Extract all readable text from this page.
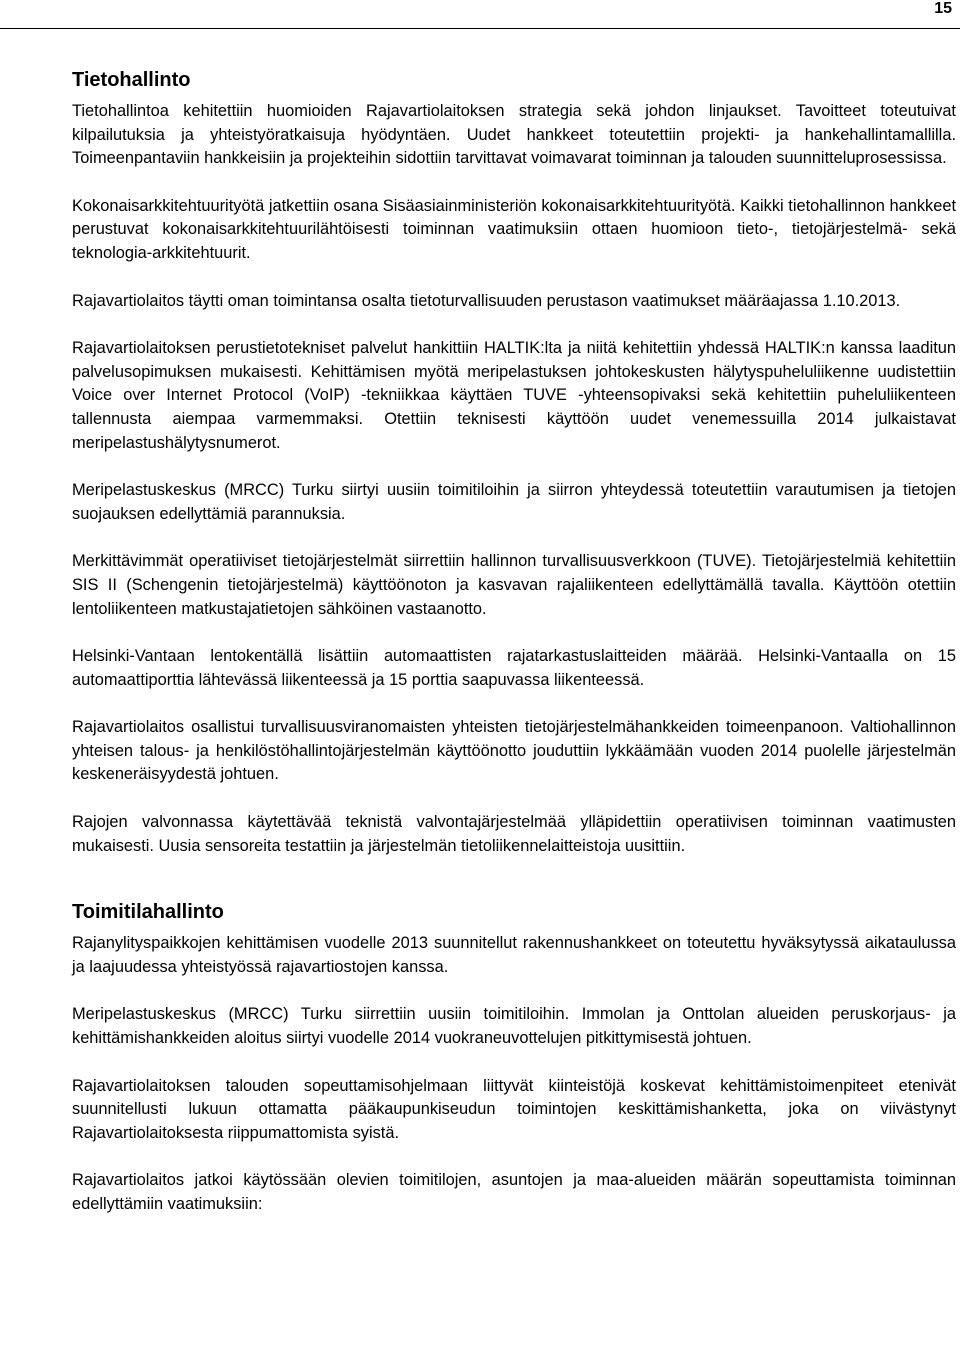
15
Tietohallinto

Tietohallintoa kehitettiin huomioiden Rajavartiolaitoksen strategia sekä johdon linjaukset. Tavoitteet toteutuivat kilpailutuksia ja yhteistyöratkaisuja hyödyntäen. Uudet hankkeet toteutettiin projekti- ja hankehallintamallilla. Toimeenpantaviin hankkeisiin ja projekteihin sidottiin tarvittavat voimavarat toiminnan ja talouden suunnitteluprosessissa.

Kokonaisarkkitehtuurityötä jatkettiin osana Sisäasiainministeriön kokonaisarkkitehtuurityötä. Kaikki tietohallinnon hankkeet perustuvat kokonaisarkkitehtuurilähtöisesti toiminnan vaatimuksiin ottaen huomioon tieto-, tietojärjestelmä- sekä teknologia-arkkitehtuurit.

Rajavartiolaitos täytti oman toimintansa osalta tietoturvallisuuden perustason vaatimukset määräajassa 1.10.2013.

Rajavartiolaitoksen perustietotekniset palvelut hankittiin HALTIK:lta ja niitä kehitettiin yhdessä HALTIK:n kanssa laaditun palvelusopimuksen mukaisesti. Kehittämisen myötä meripelastuksen johtokeskusten hälytyspuheluliikenne uudistettiin Voice over Internet Protocol (VoIP) -tekniikkaa käyttäen TUVE -yhteensopivaksi sekä kehitettiin puheluliikenteen tallennusta aiempaa varmemmaksi. Otettiin teknisesti käyttöön uudet venemessuilla 2014 julkaistavat meripelastushälytysnumerot.

Meripelastuskeskus (MRCC) Turku siirtyi uusiin toimitiloihin ja siirron yhteydessä toteutettiin varautumisen ja tietojen suojauksen edellyttämiä parannuksia.

Merkittävimmät operatiiviset tietojärjestelmät siirrettiin hallinnon turvallisuusverkkoon (TUVE). Tietojärjestelmiä kehitettiin SIS II (Schengenin tietojärjestelmä) käyttöönoton ja kasvavan rajaliikenteen edellyttämällä tavalla. Käyttöön otettiin lentoliikenteen matkustajatietojen sähköinen vastaanotto.

Helsinki-Vantaan lentokentällä lisättiin automaattisten rajatarkastuslaitteiden määrää. Helsinki-Vantaalla on 15 automaattiporttia lähtevässä liikenteessä ja 15 porttia saapuvassa liikenteessä.

Rajavartiolaitos osallistui turvallisuusviranomaisten yhteisten tietojärjestelmähankkeiden toimeenpanoon. Valtiohallinnon yhteisen talous- ja henkilöstöhallintojärjestelmän käyttöönotto jouduttiin lykkäämään vuoden 2014 puolelle järjestelmän keskeneräisyydestä johtuen.

Rajojen valvonnassa käytettävää teknistä valvontajärjestelmää ylläpidettiin operatiivisen toiminnan vaatimusten mukaisesti. Uusia sensoreita testattiin ja järjestelmän tietoliikennelaitteistoja uusittiin.

Toimitilahallinto

Rajanylityspaikkojen kehittämisen vuodelle 2013 suunnitellut rakennushankkeet on toteutettu hyväksytyssä aikataulussa ja laajuudessa yhteistyössä rajavartiostojen kanssa.

Meripelastuskeskus (MRCC) Turku siirrettiin uusiin toimitiloihin. Immolan ja Onttolan alueiden peruskorjaus- ja kehittämishankkeiden aloitus siirtyi vuodelle 2014 vuokraneuvottelujen pitkittymisestä johtuen.

Rajavartiolaitoksen talouden sopeuttamisohjelmaan liittyvät kiinteistöjä koskevat kehittämistoimenpiteet etenivät suunnitellusti lukuun ottamatta pääkaupunkiseudun toimintojen keskittämishanketta, joka on viivästynyt Rajavartiolaitoksesta riippumattomista syistä.

Rajavartiolaitos jatkoi käytössään olevien toimitilojen, asuntojen ja maa-alueiden määrän sopeuttamista toiminnan edellyttämiin vaatimuksiin:
